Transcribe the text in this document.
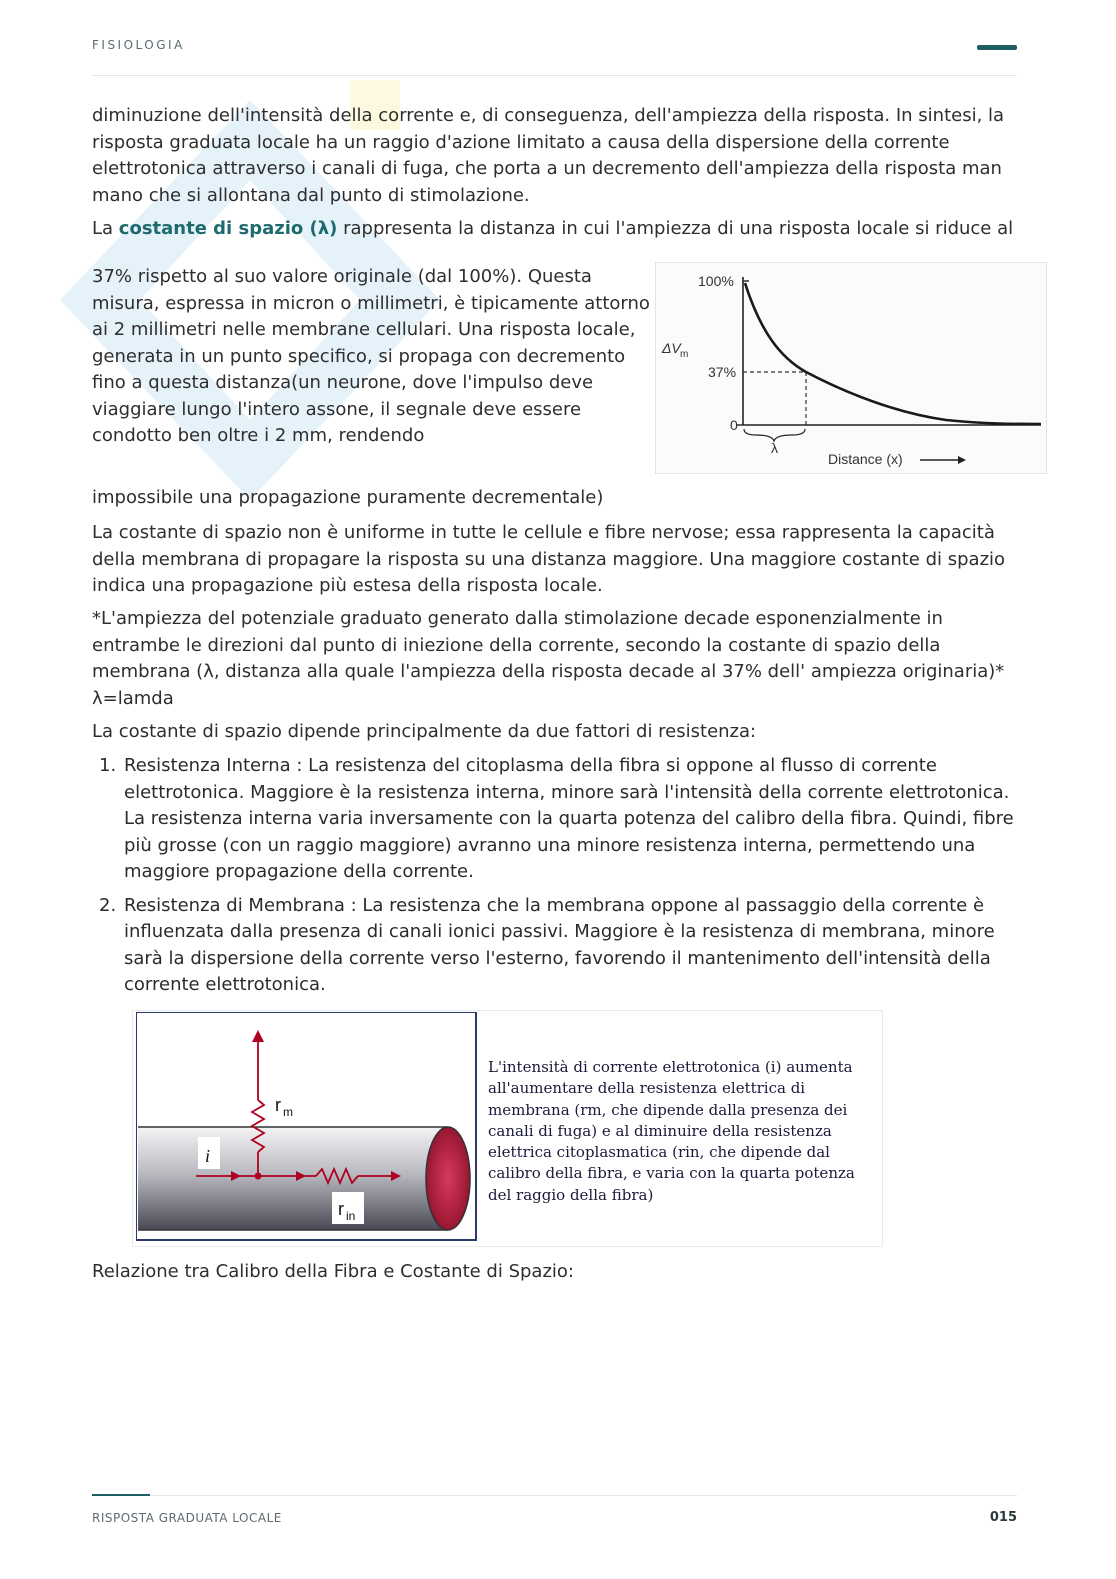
FISIOLOGIA

diminuzione dell'intensità della corrente e, di conseguenza, dell'ampiezza della risposta. In sintesi, la risposta graduata locale ha un raggio d'azione limitato a causa della dispersione della corrente elettrotonica attraverso i canali di fuga, che porta a un decremento dell'ampiezza della risposta man mano che si allontana dal punto di stimolazione.

La costante di spazio (λ) rappresenta la distanza in cui l'ampiezza di una risposta locale si riduce al

37% rispetto al suo valore originale (dal 100%). Questa misura, espressa in micron o millimetri, è tipicamente attorno ai 2 millimetri nelle membrane cellulari. Una risposta locale, generata in un punto specifico, si propaga con decremento fino a questa distanza(un neurone, dove l'impulso deve viaggiare lungo l'intero assone, il segnale deve essere condotto ben oltre i 2 mm, rendendo

100%
37%
0
ΔV m
λ
Distance (x)

impossibile una propagazione puramente decrementale)

La costante di spazio non è uniforme in tutte le cellule e fibre nervose; essa rappresenta la capacità della membrana di propagare la risposta su una distanza maggiore. Una maggiore costante di spazio indica una propagazione più estesa della risposta locale.

*L'ampiezza del potenziale graduato generato dalla stimolazione decade esponenzialmente in entrambe le direzioni dal punto di iniezione della corrente, secondo la costante di spazio della membrana (λ, distanza alla quale l'ampiezza della risposta decade al 37% dell' ampiezza originaria)*

λ=lamda

La costante di spazio dipende principalmente da due fattori di resistenza:

1. Resistenza Interna : La resistenza del citoplasma della fibra si oppone al flusso di corrente elettrotonica. Maggiore è la resistenza interna, minore sarà l'intensità della corrente elettrotonica. La resistenza interna varia inversamente con la quarta potenza del calibro della fibra. Quindi, fibre più grosse (con un raggio maggiore) avranno una minore resistenza interna, permettendo una maggiore propagazione della corrente.
2. Resistenza di Membrana : La resistenza che la membrana oppone al passaggio della corrente è influenzata dalla presenza di canali ionici passivi. Maggiore è la resistenza di membrana, minore sarà la dispersione della corrente verso l'esterno, favorendo il mantenimento dell'intensità della corrente elettrotonica.
i
r m
r in
L'intensità di corrente elettrotonica (i) aumenta all'aumentare della resistenza elettrica di membrana (rm, che dipende dalla presenza dei canali di fuga) e al diminuire della resistenza elettrica citoplasmatica (rin, che dipende dal calibro della fibra, e varia con la quarta potenza del raggio della fibra)

Relazione tra Calibro della Fibra e Costante di Spazio:

RISPOSTA GRADUATA LOCALE	015
